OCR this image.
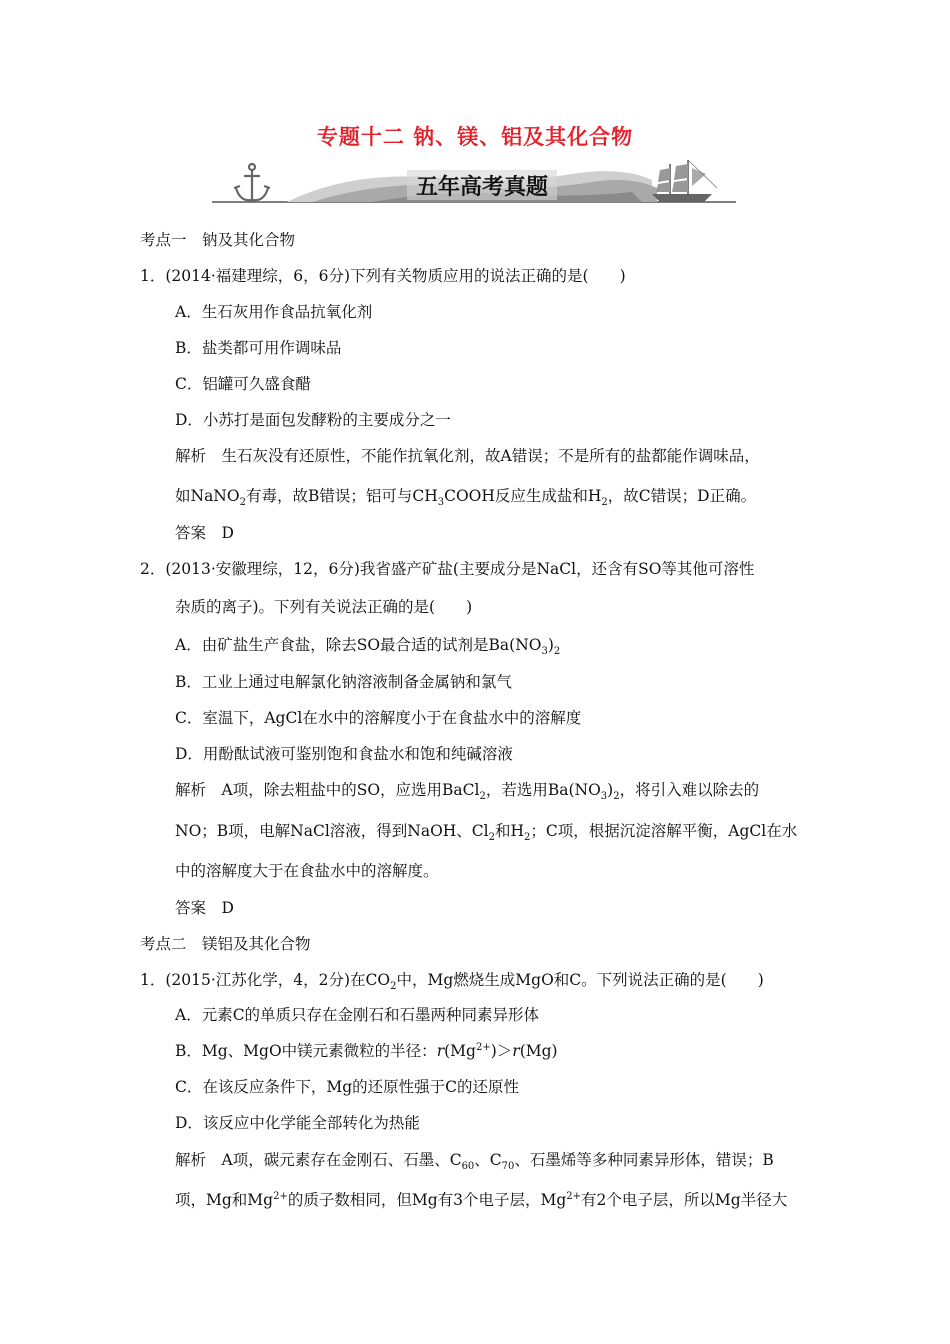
专题十二 钠、镁、铝及其化合物
五年高考真题
考点一　钠及其化合物
1．(2014·福建理综，6，6分)下列有关物质应用的说法正确的是(　　)
A．生石灰用作食品抗氧化剂
B．盐类都可用作调味品
C．铝罐可久盛食醋
D．小苏打是面包发酵粉的主要成分之一
解析　生石灰没有还原性，不能作抗氧化剂，故A错误；不是所有的盐都能作调味品，
如NaNO$_2$有毒，故B错误；铝可与$CH_3COOH$反应生成盐和$H_2$，故C错误；D正确。
答案　D
2．(2013·安徽理综，12，6分)我省盛产矿盐(主要成分是NaCl，还含有SO等其他可溶性
杂质的离子)。下列有关说法正确的是(　　)
A．由矿盐生产食盐，除去SO最合适的试剂是$Ba(NO_3)_2$
B．工业上通过电解氯化钠溶液制备金属钠和氯气
C．室温下，AgCl在水中的溶解度小于在食盐水中的溶解度
D．用酚酞试液可鉴别饱和食盐水和饱和纯碱溶液
解析　A项，除去粗盐中的SO，应选用BaCl$_2$，若选用$Ba(NO_3)_2$，将引入难以除去的
NO；B项，电解NaCl溶液，得到NaOH、$Cl_2$和$H_2$；C项，根据沉淀溶解平衡，AgCl在水
中的溶解度大于在食盐水中的溶解度。
答案　D
考点二　镁铝及其化合物
1．(2015·江苏化学，4，2分)在$CO_2$中，Mg燃烧生成MgO和C。下列说法正确的是(　　)
A．元素C的单质只存在金刚石和石墨两种同素异形体
B．Mg、MgO中镁元素微粒的半径：$r(Mg^{2+})>r(Mg)$
C．在该反应条件下，Mg的还原性强于C的还原性
D．该反应中化学能全部转化为热能
解析　A项，碳元素存在金刚石、石墨、$C_{60}$、$C_{70}$、石墨烯等多种同素异形体，错误；B
项，Mg和$Mg^{2+}$的质子数相同，但Mg有3个电子层，$Mg^{2+}$有2个电子层，所以Mg半径大
